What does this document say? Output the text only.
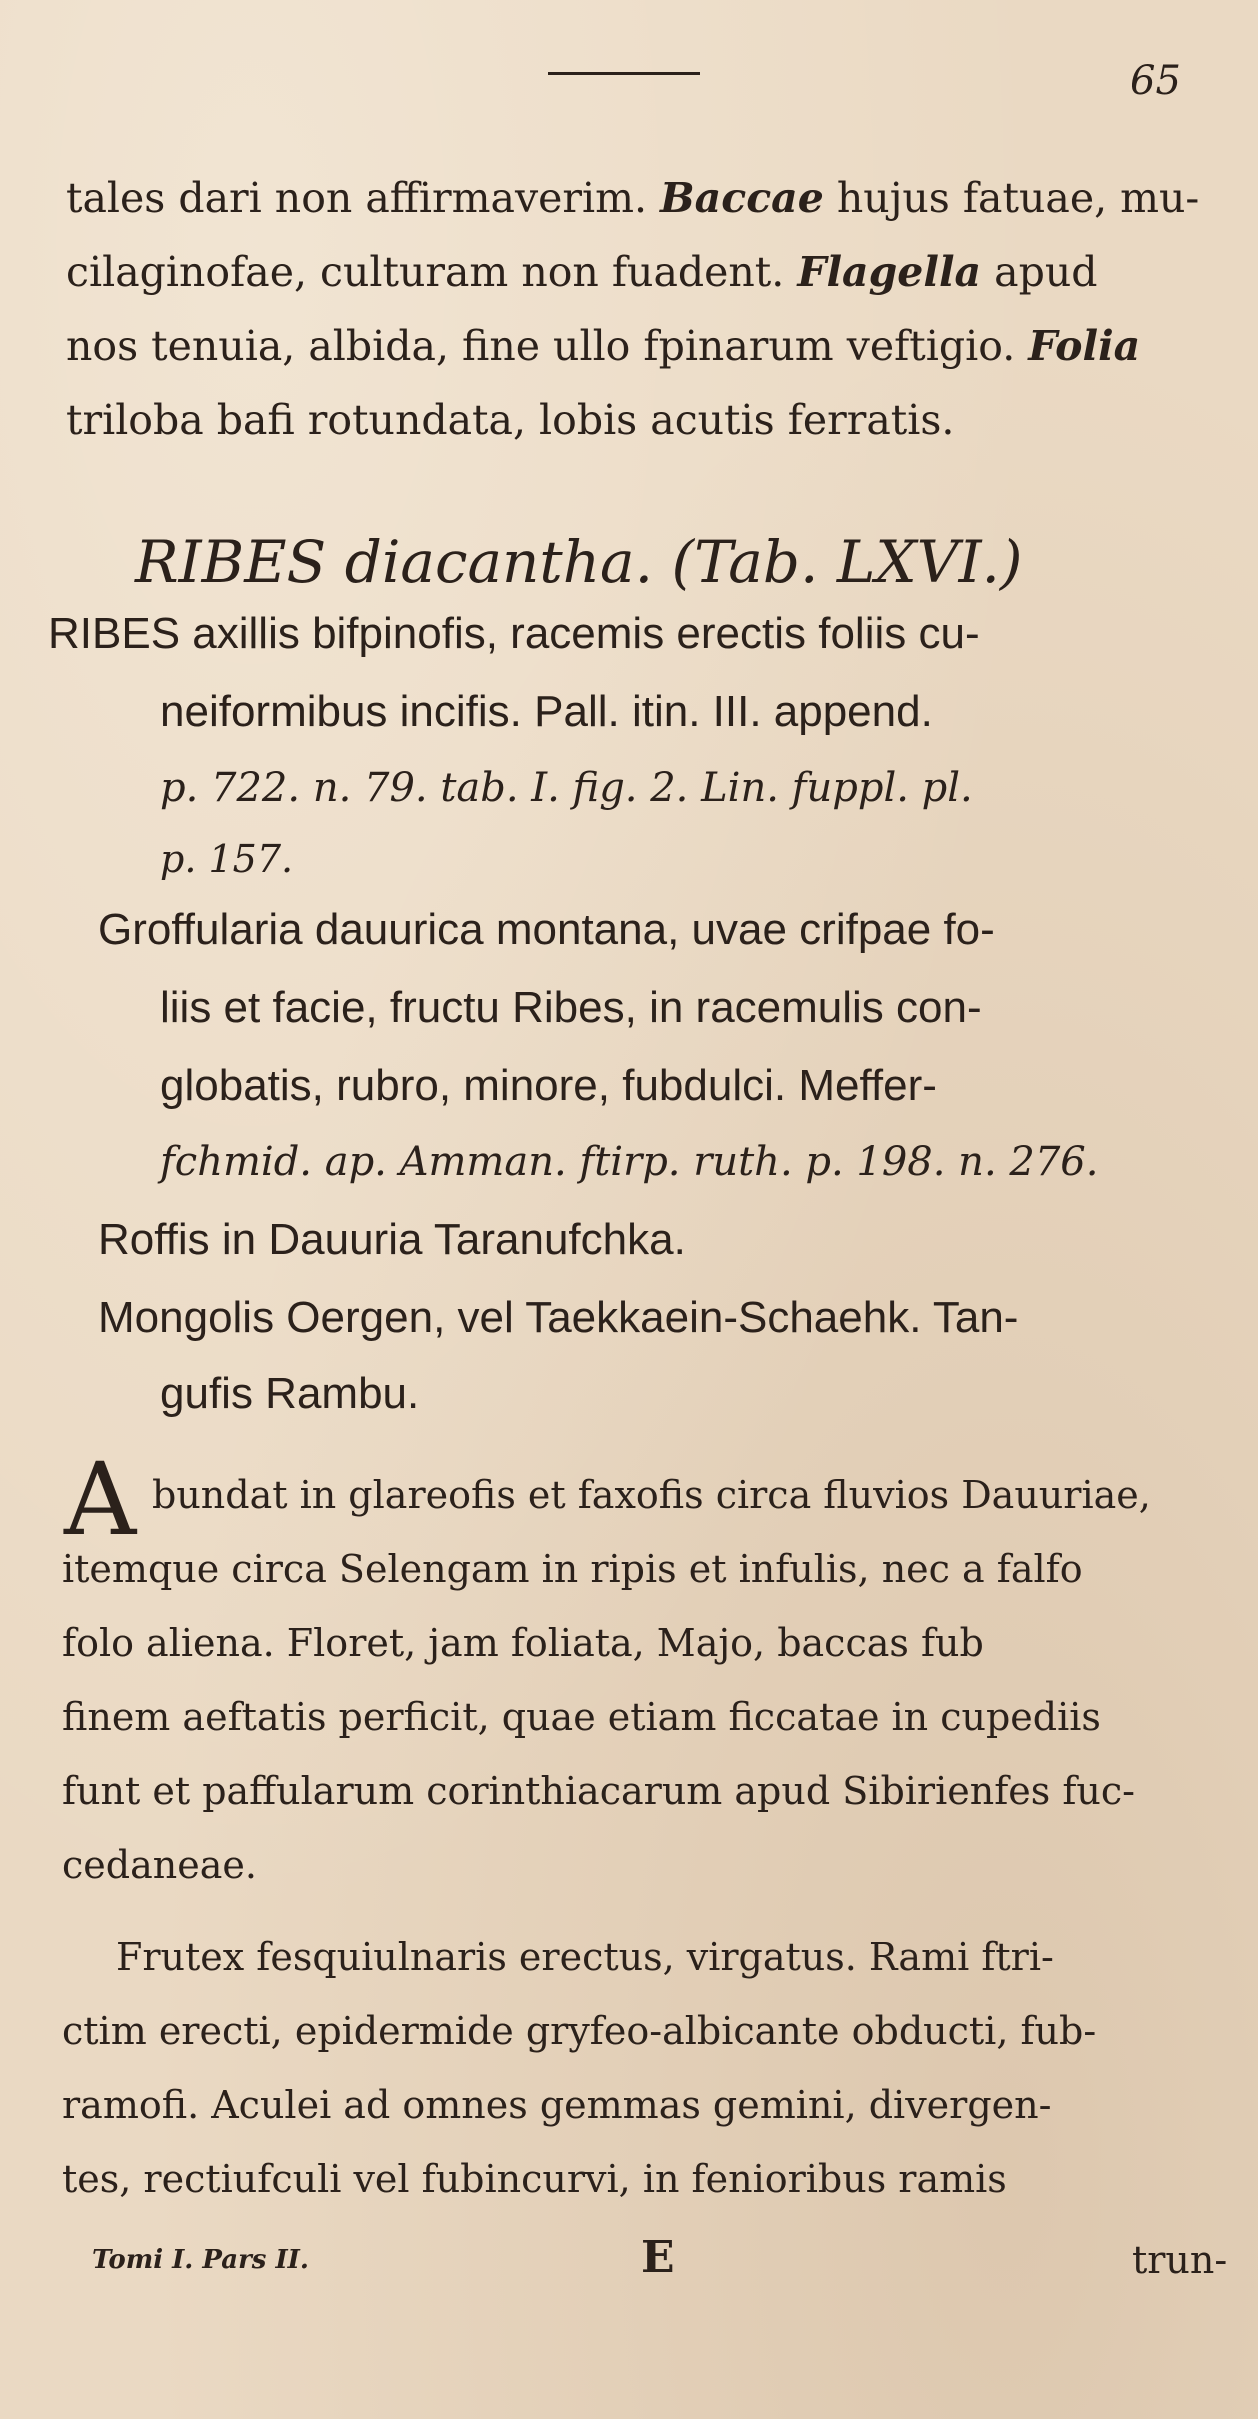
65
tales dari non affirmaverim. Baccae hujus fatuae, mu-
cilaginofae, culturam non fuadent. Flagella apud
nos tenuia, albida, fine ullo fpinarum veftigio. Folia
triloba bafi rotundata, lobis acutis ferratis.
RIBES diacantha. (Tab. LXVI.)
RIBES axillis bifpinofis, racemis erectis foliis cu-
neiformibus incifis. Pall. itin. III. append.
p. 722. n. 79. tab. I. fig. 2. Lin. fuppl. pl.
p. 157.
Groffularia dauurica montana, uvae crifpae fo-
liis et facie, fructu Ribes, in racemulis con-
globatis, rubro, minore, fubdulci. Meffer-
fchmid. ap. Amman. ftirp. ruth. p. 198. n. 276.
Roffis in Dauuria Taranufchka.
Mongolis Oergen, vel Taekkaein-Schaehk. Tan-
gufis Rambu.
A bundat in glareofis et faxofis circa fluvios Dauuriae,
itemque circa Selengam in ripis et infulis, nec a falfo
folo aliena. Floret, jam foliata, Majo, baccas fub
finem aeftatis perficit, quae etiam ficcatae in cupediis
funt et paffularum corinthiacarum apud Sibirienfes fuc-
cedaneae.
Frutex fesquiulnaris erectus, virgatus. Rami ftri-
ctim erecti, epidermide gryfeo-albicante obducti, fub-
ramofi. Aculei ad omnes gemmas gemini, divergen-
tes, rectiufculi vel fubincurvi, in fenioribus ramis
Tomi I. Pars II.	E	trun-
